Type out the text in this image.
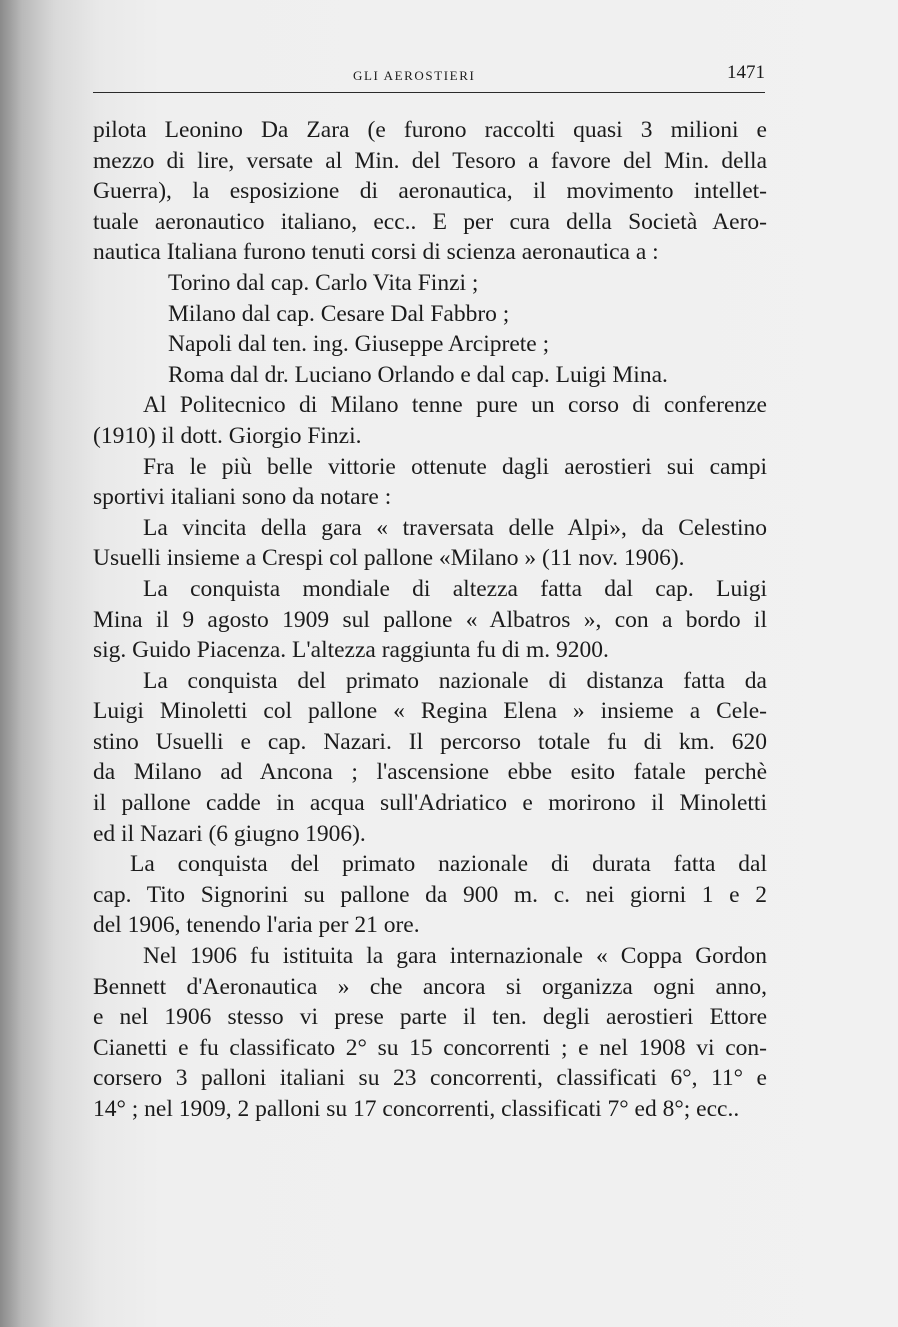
GLI AEROSTIERI	1471
pilota Leonino Da Zara (e furono raccolti quasi 3 milioni e
mezzo di lire, versate al Min. del Tesoro a favore del Min. della
Guerra), la esposizione di aeronautica, il movimento intellet-
tuale aeronautico italiano, ecc.. E per cura della Società Aero-
nautica Italiana furono tenuti corsi di scienza aeronautica a :
Torino dal cap. Carlo Vita Finzi ;
Milano dal cap. Cesare Dal Fabbro ;
Napoli dal ten. ing. Giuseppe Arciprete ;
Roma dal dr. Luciano Orlando e dal cap. Luigi Mina.
Al Politecnico di Milano tenne pure un corso di conferenze
(1910) il dott. Giorgio Finzi.
Fra le più belle vittorie ottenute dagli aerostieri sui campi
sportivi italiani sono da notare :
La vincita della gara « traversata delle Alpi», da Celestino
Usuelli insieme a Crespi col pallone «Milano » (11 nov. 1906).
La conquista mondiale di altezza fatta dal cap. Luigi
Mina il 9 agosto 1909 sul pallone « Albatros », con a bordo il
sig. Guido Piacenza. L'altezza raggiunta fu di m. 9200.
La conquista del primato nazionale di distanza fatta da
Luigi Minoletti col pallone « Regina Elena » insieme a Cele-
stino Usuelli e cap. Nazari. Il percorso totale fu di km. 620
da Milano ad Ancona ; l'ascensione ebbe esito fatale perchè
il pallone cadde in acqua sull'Adriatico e morirono il Minoletti
ed il Nazari (6 giugno 1906).
La conquista del primato nazionale di durata fatta dal
cap. Tito Signorini su pallone da 900 m. c. nei giorni 1 e 2
del 1906, tenendo l'aria per 21 ore.
Nel 1906 fu istituita la gara internazionale « Coppa Gordon
Bennett d'Aeronautica » che ancora si organizza ogni anno,
e nel 1906 stesso vi prese parte il ten. degli aerostieri Ettore
Cianetti e fu classificato 2° su 15 concorrenti ; e nel 1908 vi con-
corsero 3 palloni italiani su 23 concorrenti, classificati 6°, 11° e
14° ; nel 1909, 2 palloni su 17 concorrenti, classificati 7° ed 8°; ecc..
